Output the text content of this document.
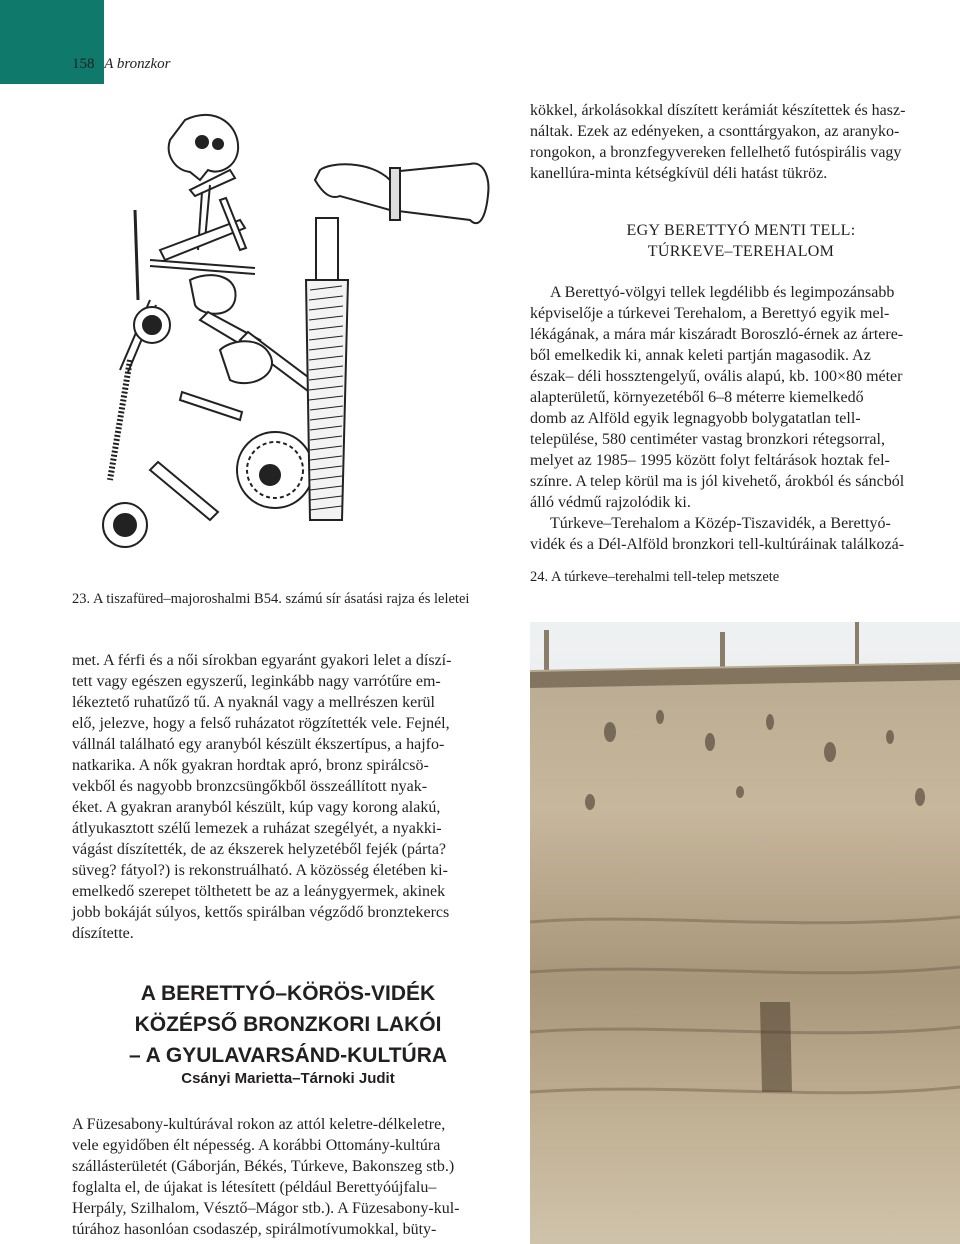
158 A bronzkor

kökkel, árkolásokkal díszített kerámiát készítettek és hasz-

náltak. Ezek az edényeken, a csonttárgyakon, az aranyko-

rongokon, a bronzfegyvereken fellelhető futóspirális vagy

kanellúra-minta kétségkívül déli hatást tükröz.

EGY BERETTYÓ MENTI TELL:
TÚRKEVE–TEREHALOM

A Berettyó-völgyi tellek legdélibb és legimpozánsabb

képviselője a túrkevei Terehalom, a Berettyó egyik mel-

lékágának, a mára már kiszáradt Boroszló-érnek az ártere-

ből emelkedik ki, annak keleti partján magasodik. Az

észak– déli hossztengelyű, ovális alapú, kb. 100×80 méter

alapterületű, környezetéből 6–8 méterre kiemelkedő

domb az Alföld egyik legnagyobb bolygatatlan tell-

települése, 580 centiméter vastag bronzkori rétegsorral,

melyet az 1985– 1995 között folyt feltárások hoztak fel-

színre. A telep körül ma is jól kivehető, árokból és sáncból

álló védmű rajzolódik ki.

Túrkeve–Terehalom a Közép-Tiszavidék, a Berettyó-

vidék és a Dél-Alföld bronzkori tell-kultúráinak találkozá-

23. A tiszafüred–majoroshalmi B54. számú sír ásatási rajza és leletei
24. A túrkeve–terehalmi tell-telep metszete

met. A férfi és a női sírokban egyaránt gyakori lelet a díszí-

tett vagy egészen egyszerű, leginkább nagy varrótűre em-

lékeztető ruhatűző tű. A nyaknál vagy a mellrészen kerül

elő, jelezve, hogy a felső ruházatot rögzítették vele. Fejnél,

vállnál található egy aranyból készült ékszertípus, a hajfo-

natkarika. A nők gyakran hordtak apró, bronz spirálcsö-

vekből és nagyobb bronzcsüngőkből összeállított nyak-

éket. A gyakran aranyból készült, kúp vagy korong alakú,

átlyukasztott szélű lemezek a ruházat szegélyét, a nyakki-

vágást díszítették, de az ékszerek helyzetéből fejék (párta?

süveg? fátyol?) is rekonstruálható. A közösség életében ki-

emelkedő szerepet tölthetett be az a leánygyermek, akinek

jobb bokáját súlyos, kettős spirálban végződő bronztekercs

díszítette.

A BERETTYÓ–KÖRÖS-VIDÉK
KÖZÉPSŐ BRONZKORI LAKÓI
– A GYULAVARSÁND-KULTÚRA
Csányi Marietta–Tárnoki Judit

A Füzesabony-kultúrával rokon az attól keletre-délkeletre,

vele egyidőben élt népesség. A korábbi Ottomány-kultúra

szállásterületét (Gáborján, Békés, Túrkeve, Bakonszeg stb.)

foglalta el, de újakat is létesített (például Berettyóújfalu–

Herpály, Szilhalom, Vésztő–Mágor stb.). A Füzesabony-kul-

túrához hasonlóan csodaszép, spirálmotívumokkal, büty-
